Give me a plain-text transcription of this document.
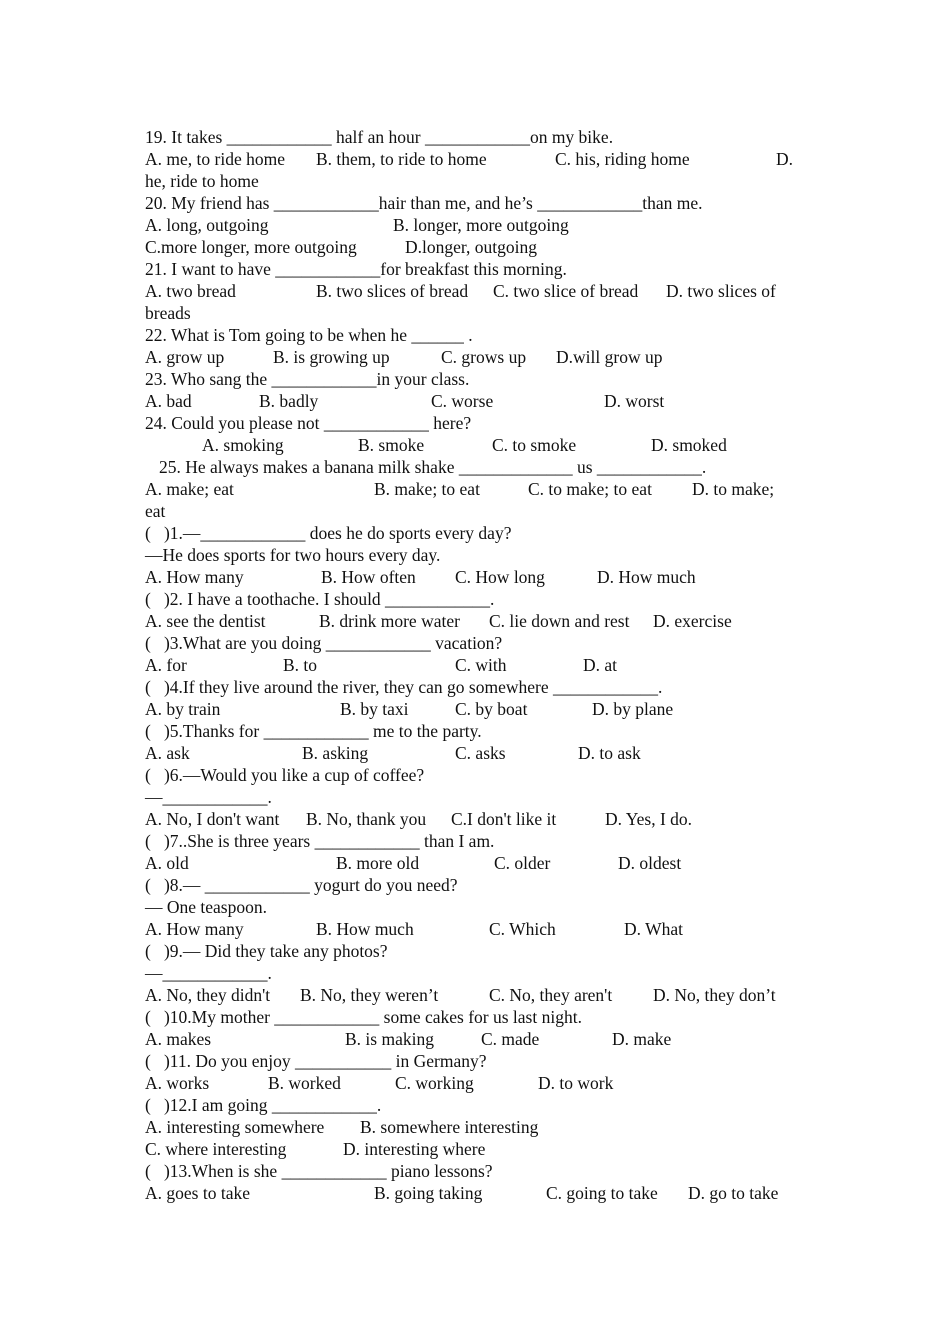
19. It takes ____________ half an hour ____________on my bike.
A. me, to ride home B. them, to ride to home	C. his, riding home	D.
he, ride to home
20. My friend has ____________hair than me, and he’s ____________than me.
A. long, outgoing	B. longer, more outgoing
C.more longer, more outgoing	D.longer, outgoing
21. I want to have ____________for breakfast this morning.
A. two bread	B. two slices of bread C. two slice of bread D. two slices of
breads
22. What is Tom going to be when he ______ .
A. grow up	B. is growing up	C. grows up D.will grow up
23. Who sang the ____________in your class.
A. bad	B. badly	C. worse	D. worst
24. Could you please not ____________ here?
A. smoking	B. smoke	C. to smoke	D. smoked
25. He always makes a banana milk shake _____________ us ____________.
A. make; eat	B. make; to eat	C. to make; to eat D. to make;
eat
(   )1.—____________ does he do sports every day?
—He does sports for two hours every day.
A. How many	B. How often C. How long	D. How much
(   )2. I have a toothache. I should ____________.
A. see the dentist	B. drink more water C. lie down and rest D. exercise
(   )3.What are you doing ____________ vacation?
A. for	B. to	C. with	D. at
(   )4.If they live around the river, they can go somewhere ____________.
A. by train	B. by taxi	C. by boat	D. by plane
(   )5.Thanks for ____________ me to the party.
A. ask	B. asking	C. asks	D. to ask
(   )6.—Would you like a cup of coffee?
—____________.
A. No, I don't want B. No, thank you C.I don't like it	D. Yes, I do.
(   )7..She is three years ____________ than I am.
A. old	B. more old	C. older	D. oldest
(   )8.— ____________ yogurt do you need?
— One teaspoon.
A. How many	B. How much	C. Which	D. What
(   )9.— Did they take any photos?
—____________.
A. No, they didn't B. No, they weren’t	C. No, they aren't D. No, they don’t
(   )10.My mother ____________ some cakes for us last night.
A. makes	B. is making	C. made	D. make
(   )11. Do you enjoy ___________ in Germany?
A. works	B. worked	C. working	D. to work
(   )12.I am going ____________.
A. interesting somewhere B. somewhere interesting
C. where interesting	D. interesting where
(   )13.When is she ____________ piano lessons?
A. goes to take	B. going taking	C. going to take D. go to take
